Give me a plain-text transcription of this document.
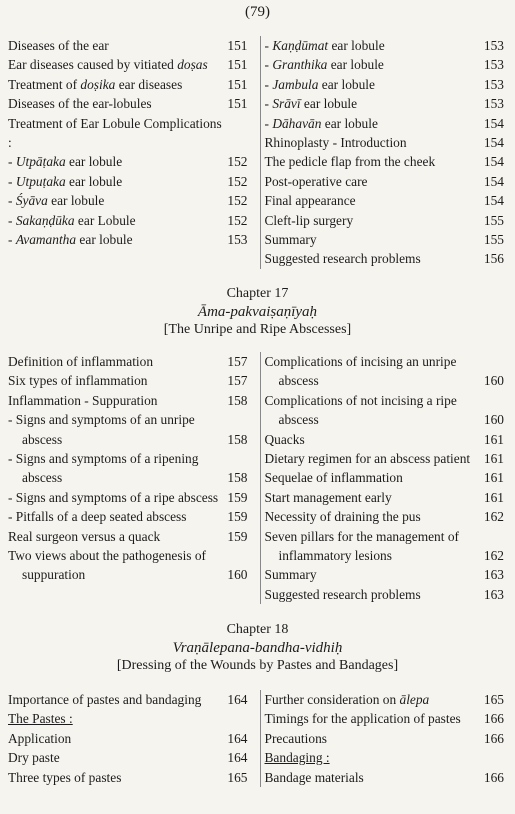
(79)
Diseases of the ear	151
Ear diseases caused by vitiated doṣas	151
Treatment of doṣika ear diseases	151
Diseases of the ear-lobules	151
Treatment of Ear Lobule Complications :
- Utpāṭaka ear lobule	152
- Utpuṭaka ear lobule	152
- Śyāva ear lobule	152
- Sakaṇḍūka ear Lobule	152
- Avamantha ear lobule	153
- Kaṇḍūmat ear lobule	153
- Granthika ear lobule	153
- Jambula ear lobule	153
- Srāvī ear lobule	153
- Dāhavān ear lobule	154
Rhinoplasty - Introduction	154
The pedicle flap from the cheek	154
Post-operative care	154
Final appearance	154
Cleft-lip surgery	155
Summary	155
Suggested research problems	156
Chapter 17
Āma-pakvaiṣaṇīyaḥ
[The Unripe and Ripe Abscesses]
Definition of inflammation	157
Six types of inflammation	157
Inflammation - Suppuration	158
- Signs and symptoms of an unripe abscess	158
- Signs and symptoms of a ripening abscess	158
- Signs and symptoms of a ripe abscess 159
- Pitfalls of a deep seated abscess	159
Real surgeon versus a quack	159
Two views about the pathogenesis of suppuration	160
Complications of incising an unripe abscess	160
Complications of not incising a ripe abscess	160
Quacks	161
Dietary regimen for an abscess patient	161
Sequelae of inflammation	161
Start management early	161
Necessity of draining the pus	162
Seven pillars for the management of inflammatory lesions	162
Summary	163
Suggested research problems	163
Chapter 18
Vraṇālepana-bandha-vidhiḥ
[Dressing of the Wounds by Pastes and Bandages]
Importance of pastes and bandaging	164
The Pastes :
Application	164
Dry paste	164
Three types of pastes	165
Further consideration on ālepa	165
Timings for the application of pastes	166
Precautions	166
Bandaging :
Bandage materials	166
